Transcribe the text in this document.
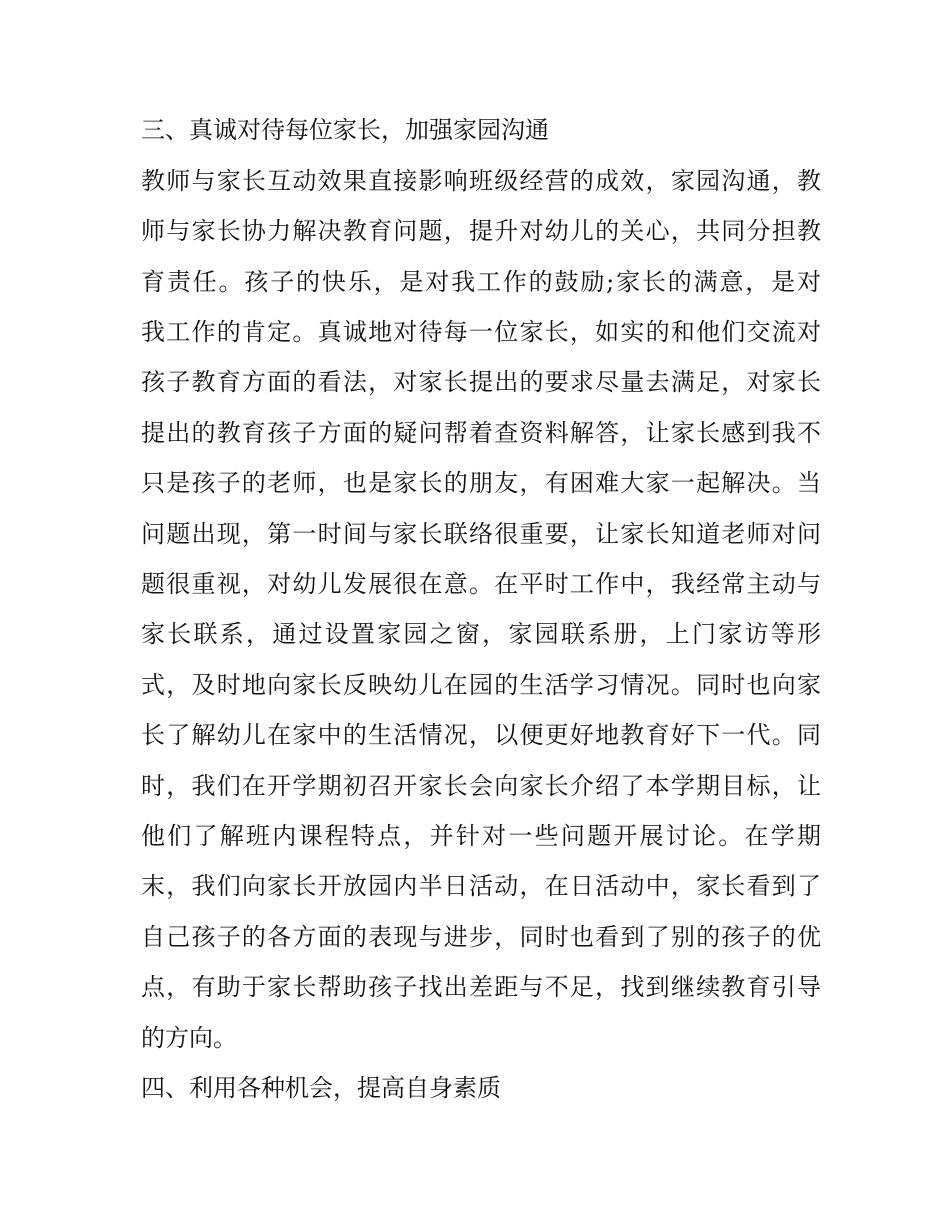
三、真诚对待每位家长，加强家园沟通

教师与家长互动效果直接影响班级经营的成效，家园沟通，教

师与家长协力解决教育问题，提升对幼儿的关心，共同分担教

育责任。孩子的快乐，是对我工作的鼓励;家长的满意，是对

我工作的肯定。真诚地对待每一位家长，如实的和他们交流对

孩子教育方面的看法，对家长提出的要求尽量去满足，对家长

提出的教育孩子方面的疑问帮着查资料解答，让家长感到我不

只是孩子的老师，也是家长的朋友，有困难大家一起解决。当

问题出现，第一时间与家长联络很重要，让家长知道老师对问

题很重视，对幼儿发展很在意。在平时工作中，我经常主动与

家长联系，通过设置家园之窗，家园联系册，上门家访等形

式，及时地向家长反映幼儿在园的生活学习情况。同时也向家

长了解幼儿在家中的生活情况，以便更好地教育好下一代。同

时，我们在开学期初召开家长会向家长介绍了本学期目标，让

他们了解班内课程特点，并针对一些问题开展讨论。在学期

末，我们向家长开放园内半日活动，在日活动中，家长看到了

自己孩子的各方面的表现与进步，同时也看到了别的孩子的优

点，有助于家长帮助孩子找出差距与不足，找到继续教育引导

的方向。

四、利用各种机会，提高自身素质
